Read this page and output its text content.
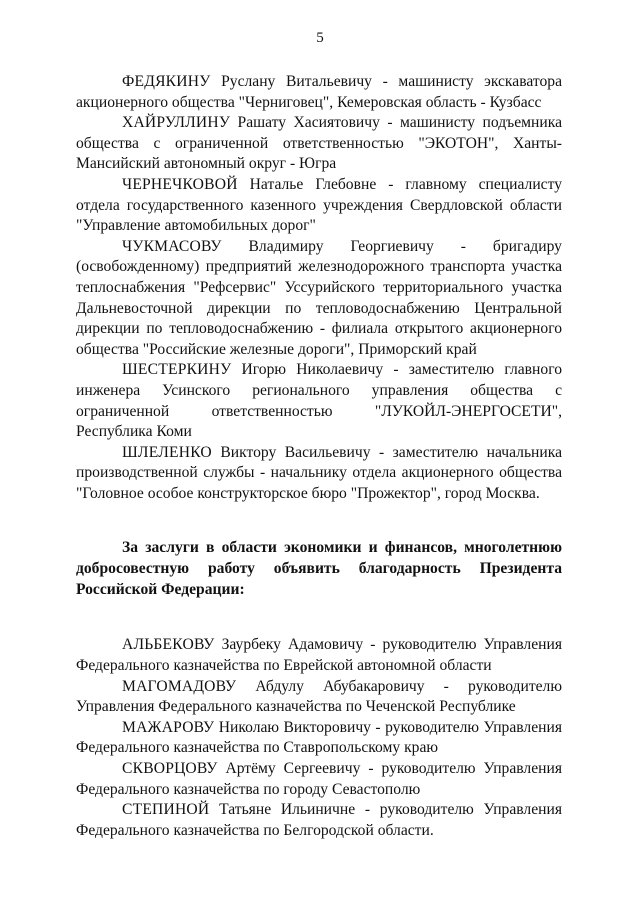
5

ФЕДЯКИНУ Руслану Витальевичу - машинисту экскаватора акционерного общества "Черниговец", Кемеровская область - Кузбасс

ХАЙРУЛЛИНУ Рашату Хасиятовичу - машинисту подъемника общества с ограниченной ответственностью "ЭКОТОН", Ханты-Мансийский автономный округ - Югра

ЧЕРНЕЧКОВОЙ Наталье Глебовне - главному специалисту отдела государственного казенного учреждения Свердловской области "Управление автомобильных дорог"

ЧУКМАСОВУ Владимиру Георгиевичу - бригадиру (освобожденному) предприятий железнодорожного транспорта участка теплоснабжения "Рефсервис" Уссурийского территориального участка Дальневосточной дирекции по тепловодоснабжению Центральной дирекции по тепловодоснабжению - филиала открытого акционерного общества "Российские железные дороги", Приморский край

ШЕСТЕРКИНУ Игорю Николаевичу - заместителю главного инженера Усинского регионального управления общества с ограниченной ответственностью "ЛУКОЙЛ-ЭНЕРГОСЕТИ", Республика Коми

ШЛЕЛЕНКО Виктору Васильевичу - заместителю начальника производственной службы - начальнику отдела акционерного общества "Головное особое конструкторское бюро "Прожектор", город Москва.

За заслуги в области экономики и финансов, многолетнюю добросовестную работу объявить благодарность Президента Российской Федерации:

АЛЬБЕКОВУ Заурбеку Адамовичу - руководителю Управления Федерального казначейства по Еврейской автономной области

МАГОМАДОВУ Абдулу Абубакаровичу - руководителю Управления Федерального казначейства по Чеченской Республике

МАЖАРОВУ Николаю Викторовичу - руководителю Управления Федерального казначейства по Ставропольскому краю

СКВОРЦОВУ Артёму Сергеевичу - руководителю Управления Федерального казначейства по городу Севастополю

СТЕПИНОЙ Татьяне Ильиничне - руководителю Управления Федерального казначейства по Белгородской области.
